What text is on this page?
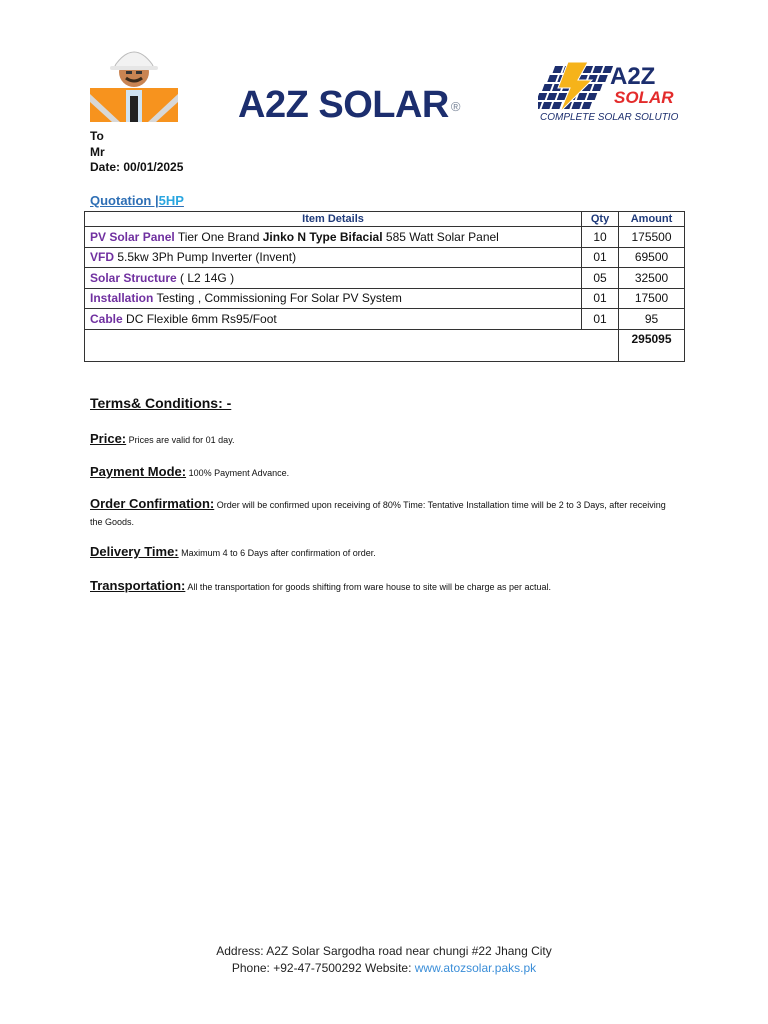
A2Z SOLAR ®
A2Z
SOLAR
COMPLETE SOLAR SOLUTION
To
Mr
Date: 00/01/2025
Quotation |5HP
Item Details	Qty	Amount
PV Solar Panel Tier One Brand Jinko N Type Bifacial 585 Watt Solar Panel	10	175500
VFD 5.5kw 3Ph Pump Inverter (Invent)	01	69500
Solar Structure ( L2 14G )	05	32500
Installation Testing , Commissioning For Solar PV System	01	17500
Cable DC Flexible 6mm Rs95/Foot	01	95
		295095
Terms& Conditions: -
Price: Prices are valid for 01 day.
Payment Mode: 100% Payment Advance.
Order Confirmation: Order will be confirmed upon receiving of 80% Time: Tentative Installation time will be 2 to 3 Days, after receiving the Goods.
Delivery Time: Maximum 4 to 6 Days after confirmation of order.
Transportation: All the transportation for goods shifting from ware house to site will be charge as per actual.
Address: A2Z Solar Sargodha road near chungi #22 Jhang City
Phone: +92-47-7500292 Website: www.atozsolar.paks.pk
